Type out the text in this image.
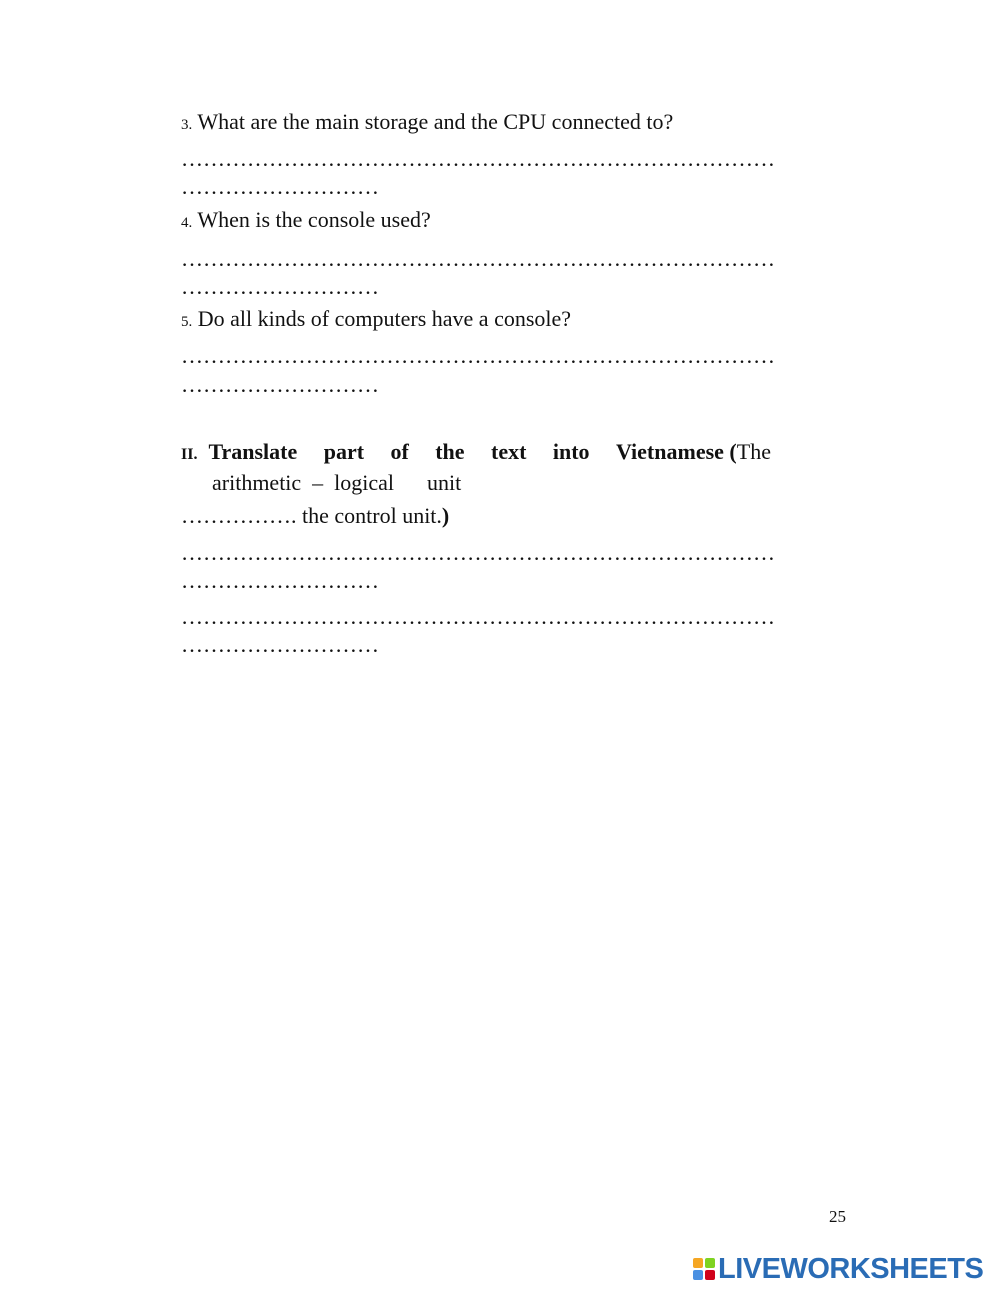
3. What are the main storage and the CPU connected to?
………………………………………………………………………
………………………
4. When is the console used?
………………………………………………………………………
………………………
5. Do all kinds of computers have a console?
………………………………………………………………………
………………………
II. Translate part of the text into Vietnamese (The
arithmetic  –  logical      unit
……………. the control unit.)
………………………………………………………………………
………………………
………………………………………………………………………
………………………
25
LIVEWORKSHEETS
